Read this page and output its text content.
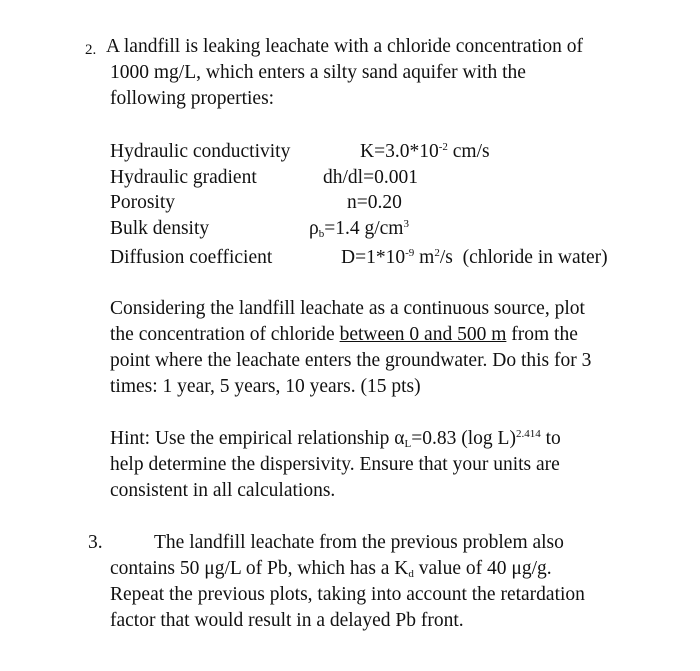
2. A landfill is leaking leachate with a chloride concentration of
1000 mg/L, which enters a silty sand aquifer with the
following properties:
Hydraulic conductivity	$K=3.0*10^{-2}$ cm/s
Hydraulic gradient	dh/dl=0.001
Porosity	n=0.20
Bulk density	$\rho_b=1.4$ $g/cm^3$
Diffusion coefficient	$D=1*10^{-9}$ $m^2/s$  (chloride in water)
Considering the landfill leachate as a continuous source, plot
the concentration of chloride between 0 and 500 m from the
point where the leachate enters the groundwater. Do this for 3
times: 1 year, 5 years, 10 years. (15 pts)
Hint: Use the empirical relationship $\alpha_L=0.83$ (log L)$^{2.414}$ to
help determine the dispersivity. Ensure that your units are
consistent in all calculations.
3.	The landfill leachate from the previous problem also
contains 50 μg/L of Pb, which has a $K_d$ value of 40 μg/g.
Repeat the previous plots, taking into account the retardation
factor that would result in a delayed Pb front.
